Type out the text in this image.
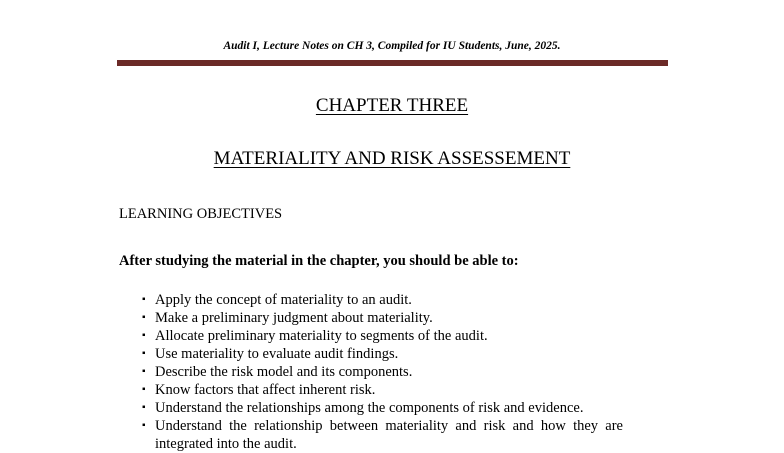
Audit I, Lecture Notes on CH 3, Compiled for IU Students, June, 2025.
CHAPTER THREE
MATERIALITY AND RISK ASSESSEMENT
LEARNING OBJECTIVES
After studying the material in the chapter, you should be able to:
▪ Apply the concept of materiality to an audit.
▪ Make a preliminary judgment about materiality.
▪ Allocate preliminary materiality to segments of the audit.
▪ Use materiality to evaluate audit findings.
▪ Describe the risk model and its components.
▪ Know factors that affect inherent risk.
▪ Understand the relationships among the components of risk and evidence.
▪ Understand the relationship between materiality and risk and how they are integrated into the audit.
